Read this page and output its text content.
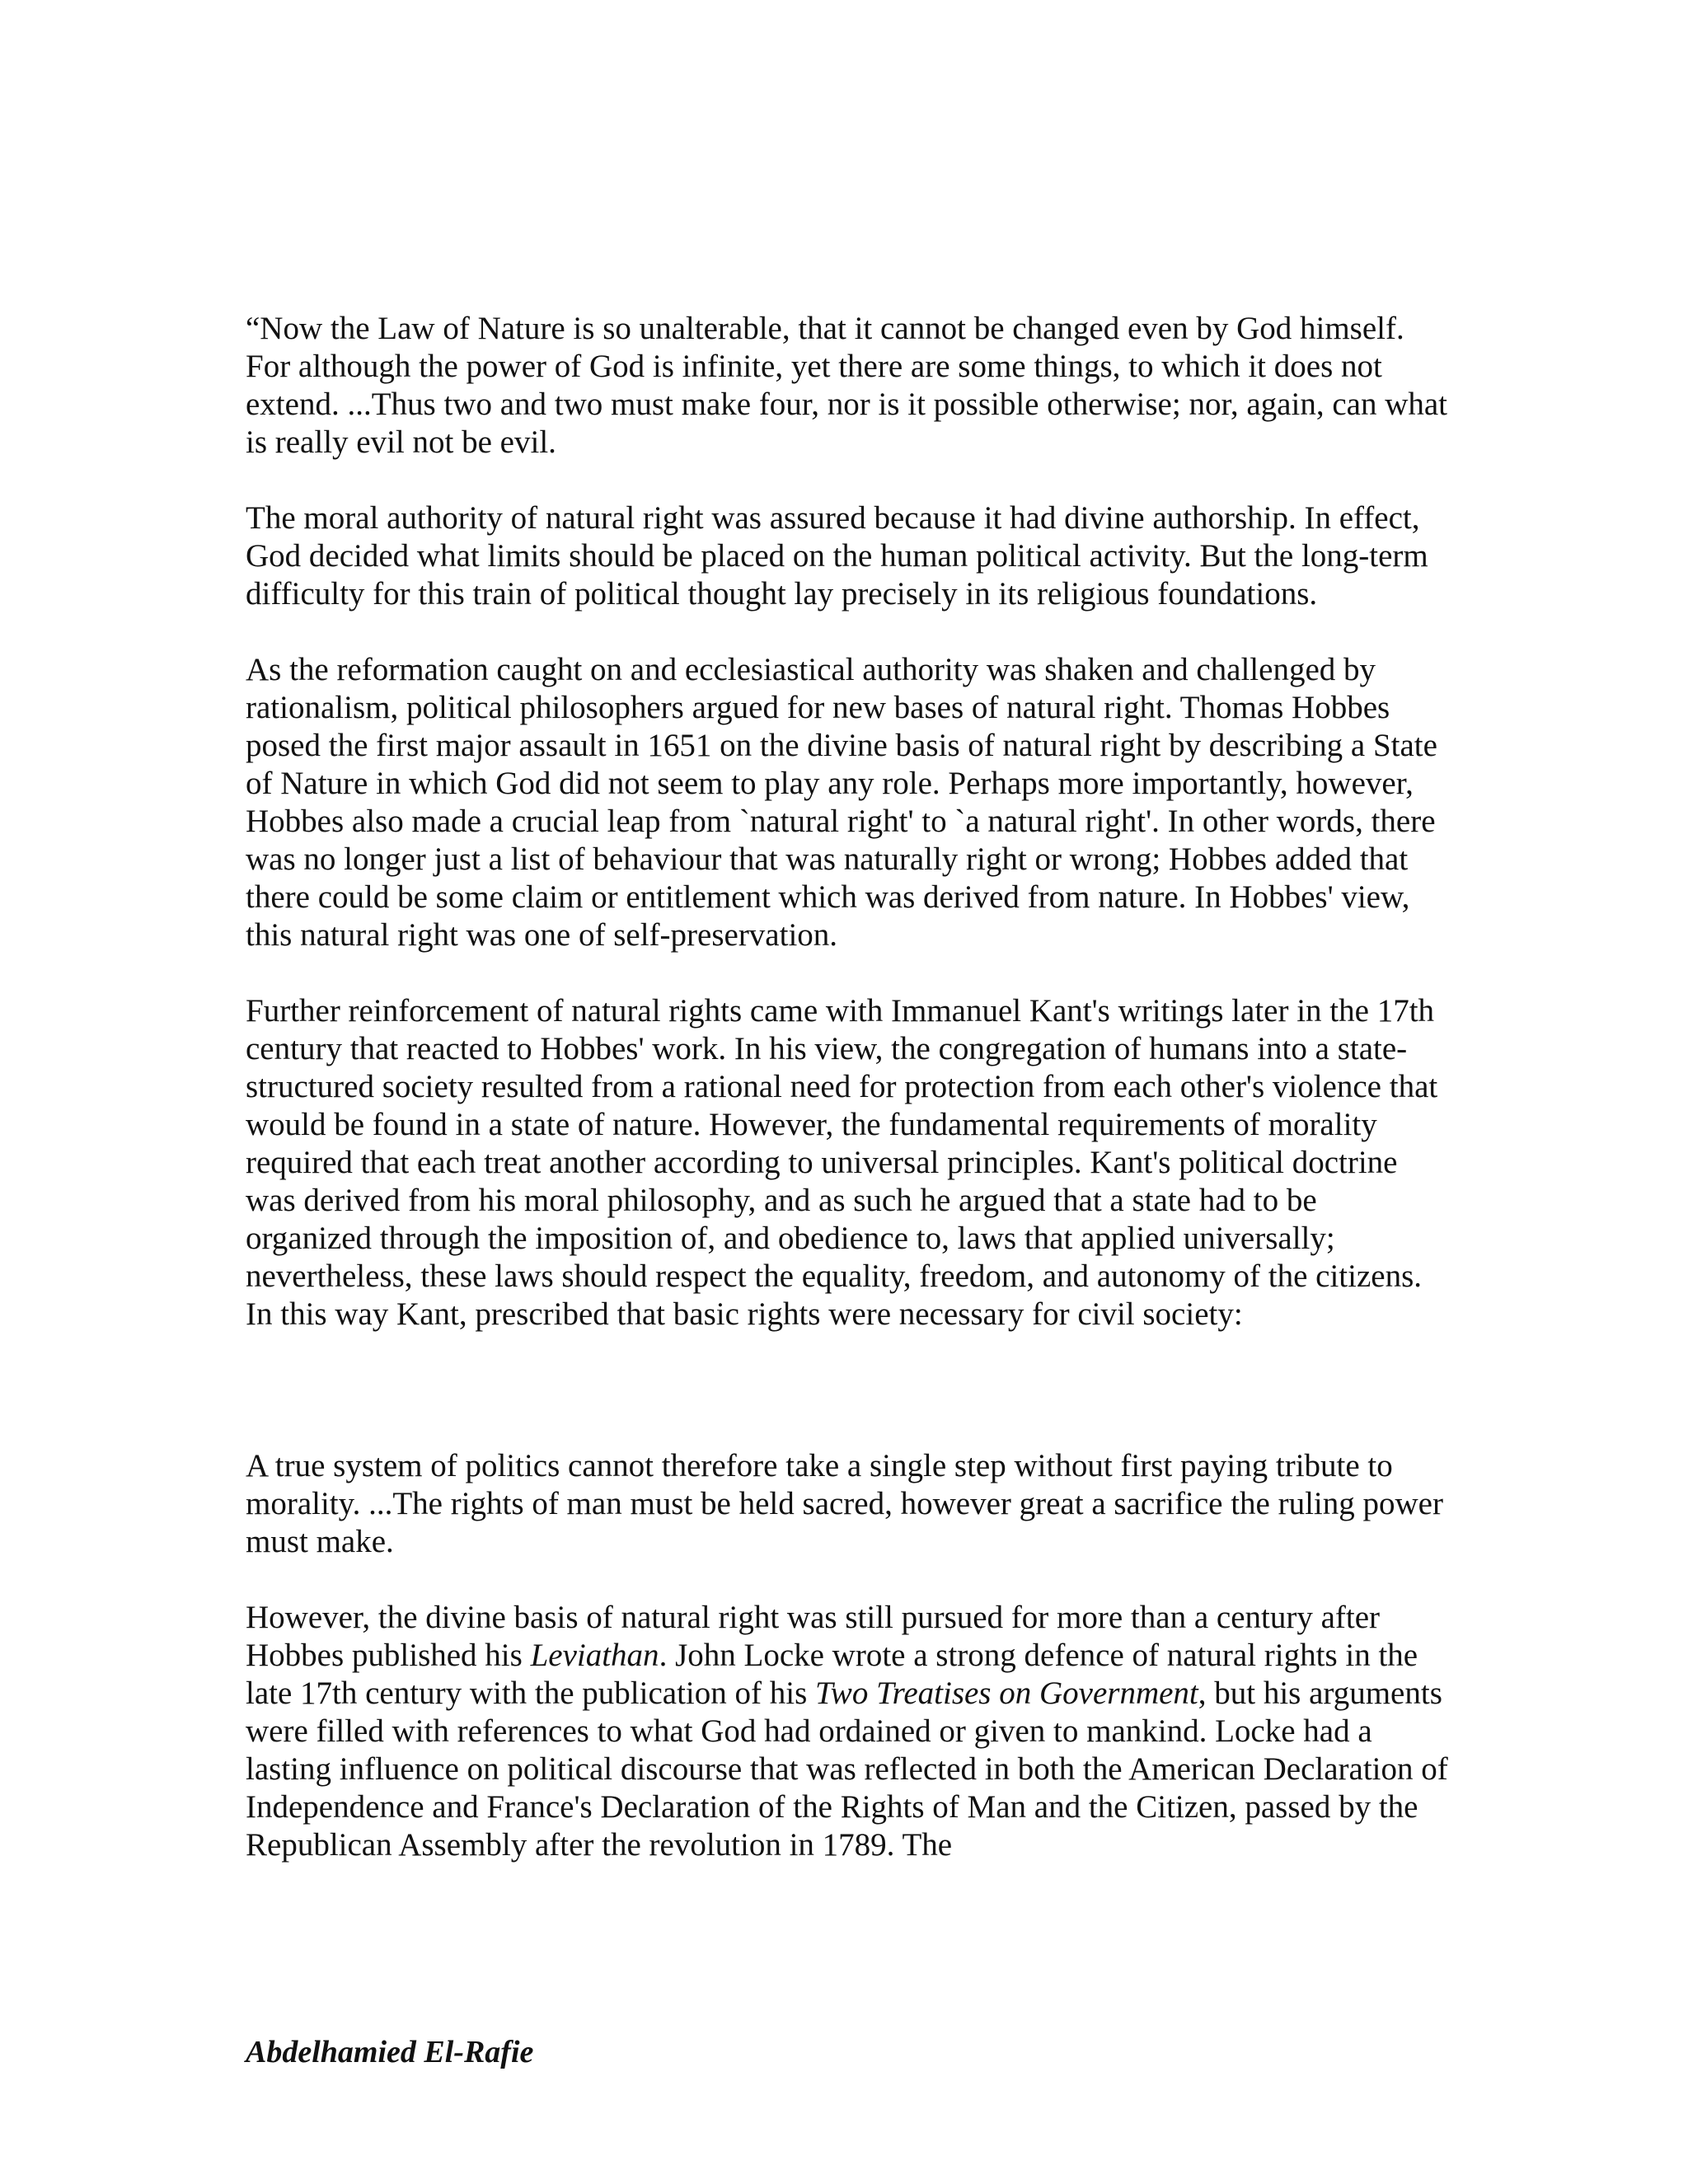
“Now the Law of Nature is so unalterable, that it cannot be changed even by God himself. For although the power of God is infinite, yet there are some things, to which it does not extend. ...Thus two and two must make four, nor is it possible otherwise; nor, again, can what is really evil not be evil.

The moral authority of natural right was assured because it had divine authorship. In effect, God decided what limits should be placed on the human political activity. But the long-term difficulty for this train of political thought lay precisely in its religious foundations.

As the reformation caught on and ecclesiastical authority was shaken and challenged by rationalism, political philosophers argued for new bases of natural right. Thomas Hobbes posed the first major assault in 1651 on the divine basis of natural right by describing a State of Nature in which God did not seem to play any role. Perhaps more importantly, however, Hobbes also made a crucial leap from `natural right' to `a natural right'. In other words, there was no longer just a list of behaviour that was naturally right or wrong; Hobbes added that there could be some claim or entitlement which was derived from nature. In Hobbes' view, this natural right was one of self-preservation.

Further reinforcement of natural rights came with Immanuel Kant's writings later in the 17th century that reacted to Hobbes' work. In his view, the congregation of humans into a state-structured society resulted from a rational need for protection from each other's violence that would be found in a state of nature. However, the fundamental requirements of morality required that each treat another according to universal principles. Kant's political doctrine was derived from his moral philosophy, and as such he argued that a state had to be organized through the imposition of, and obedience to, laws that applied universally; nevertheless, these laws should respect the equality, freedom, and autonomy of the citizens. In this way Kant, prescribed that basic rights were necessary for civil society:

A true system of politics cannot therefore take a single step without first paying tribute to morality. ...The rights of man must be held sacred, however great a sacrifice the ruling power must make.

However, the divine basis of natural right was still pursued for more than a century after Hobbes published his Leviathan. John Locke wrote a strong defence of natural rights in the late 17th century with the publication of his Two Treatises on Government, but his arguments were filled with references to what God had ordained or given to mankind. Locke had a lasting influence on political discourse that was reflected in both the American Declaration of Independence and France's Declaration of the Rights of Man and the Citizen, passed by the Republican Assembly after the revolution in 1789. The

Abdelhamied El-Rafie
